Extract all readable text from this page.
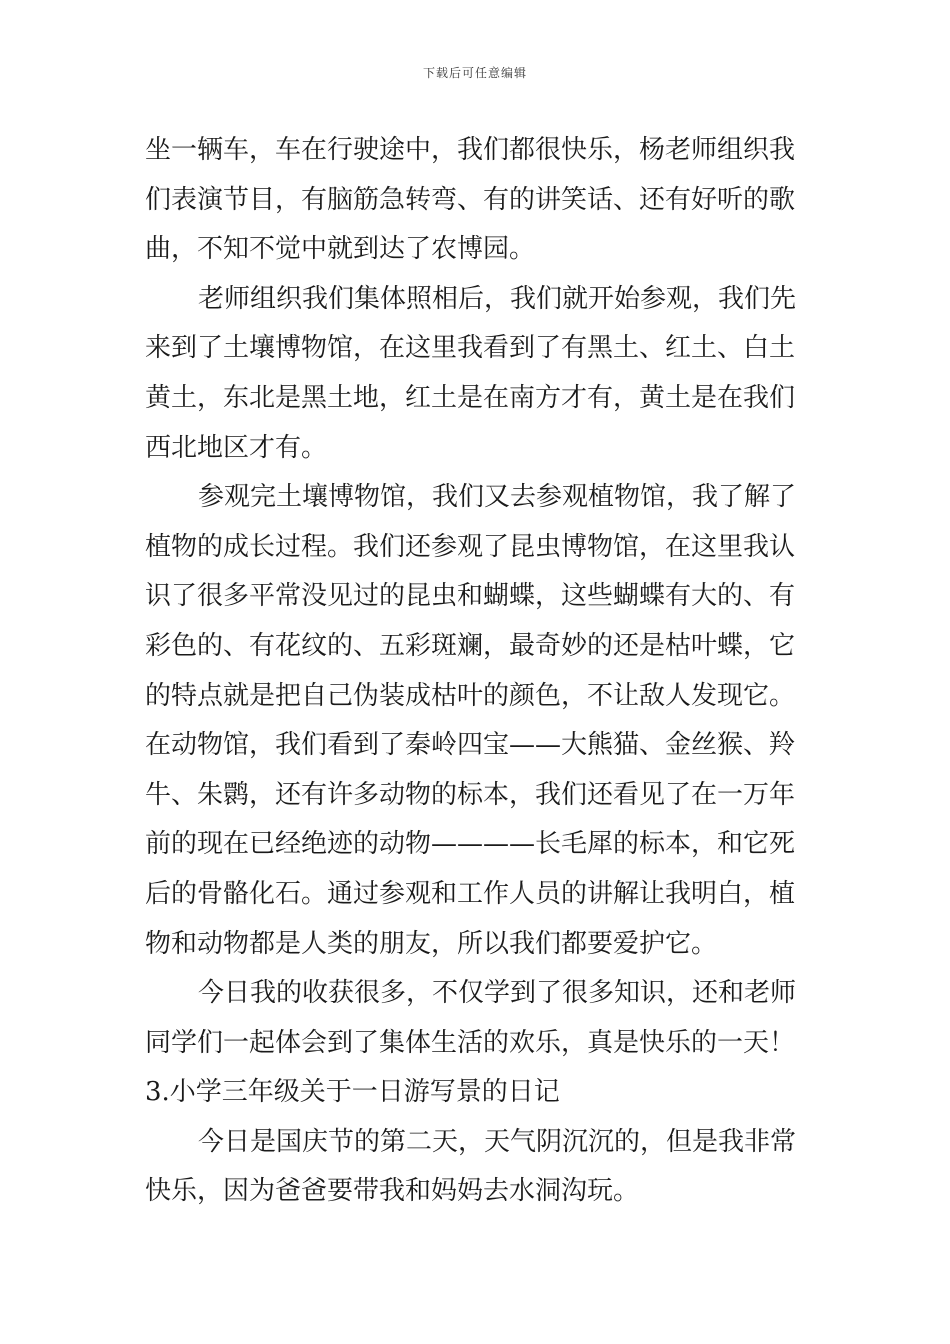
下载后可任意编辑
坐一辆车，车在行驶途中，我们都很快乐，杨老师组织我
们表演节目，有脑筋急转弯、有的讲笑话、还有好听的歌
曲，不知不觉中就到达了农博园。
老师组织我们集体照相后，我们就开始参观，我们先
来到了土壤博物馆，在这里我看到了有黑土、红土、白土
黄土，东北是黑土地，红土是在南方才有，黄土是在我们
西北地区才有。
参观完土壤博物馆，我们又去参观植物馆，我了解了
植物的成长过程。我们还参观了昆虫博物馆，在这里我认
识了很多平常没见过的昆虫和蝴蝶，这些蝴蝶有大的、有
彩色的、有花纹的、五彩斑斓，最奇妙的还是枯叶蝶，它
的特点就是把自己伪装成枯叶的颜色，不让敌人发现它。
在动物馆，我们看到了秦岭四宝——大熊猫、金丝猴、羚
牛、朱鹮，还有许多动物的标本，我们还看见了在一万年
前的现在已经绝迹的动物————长毛犀的标本，和它死
后的骨骼化石。通过参观和工作人员的讲解让我明白，植
物和动物都是人类的朋友，所以我们都要爱护它。
今日我的收获很多，不仅学到了很多知识，还和老师
同学们一起体会到了集体生活的欢乐，真是快乐的一天！
3.小学三年级关于一日游写景的日记
今日是国庆节的第二天，天气阴沉沉的，但是我非常
快乐，因为爸爸要带我和妈妈去水洞沟玩。
